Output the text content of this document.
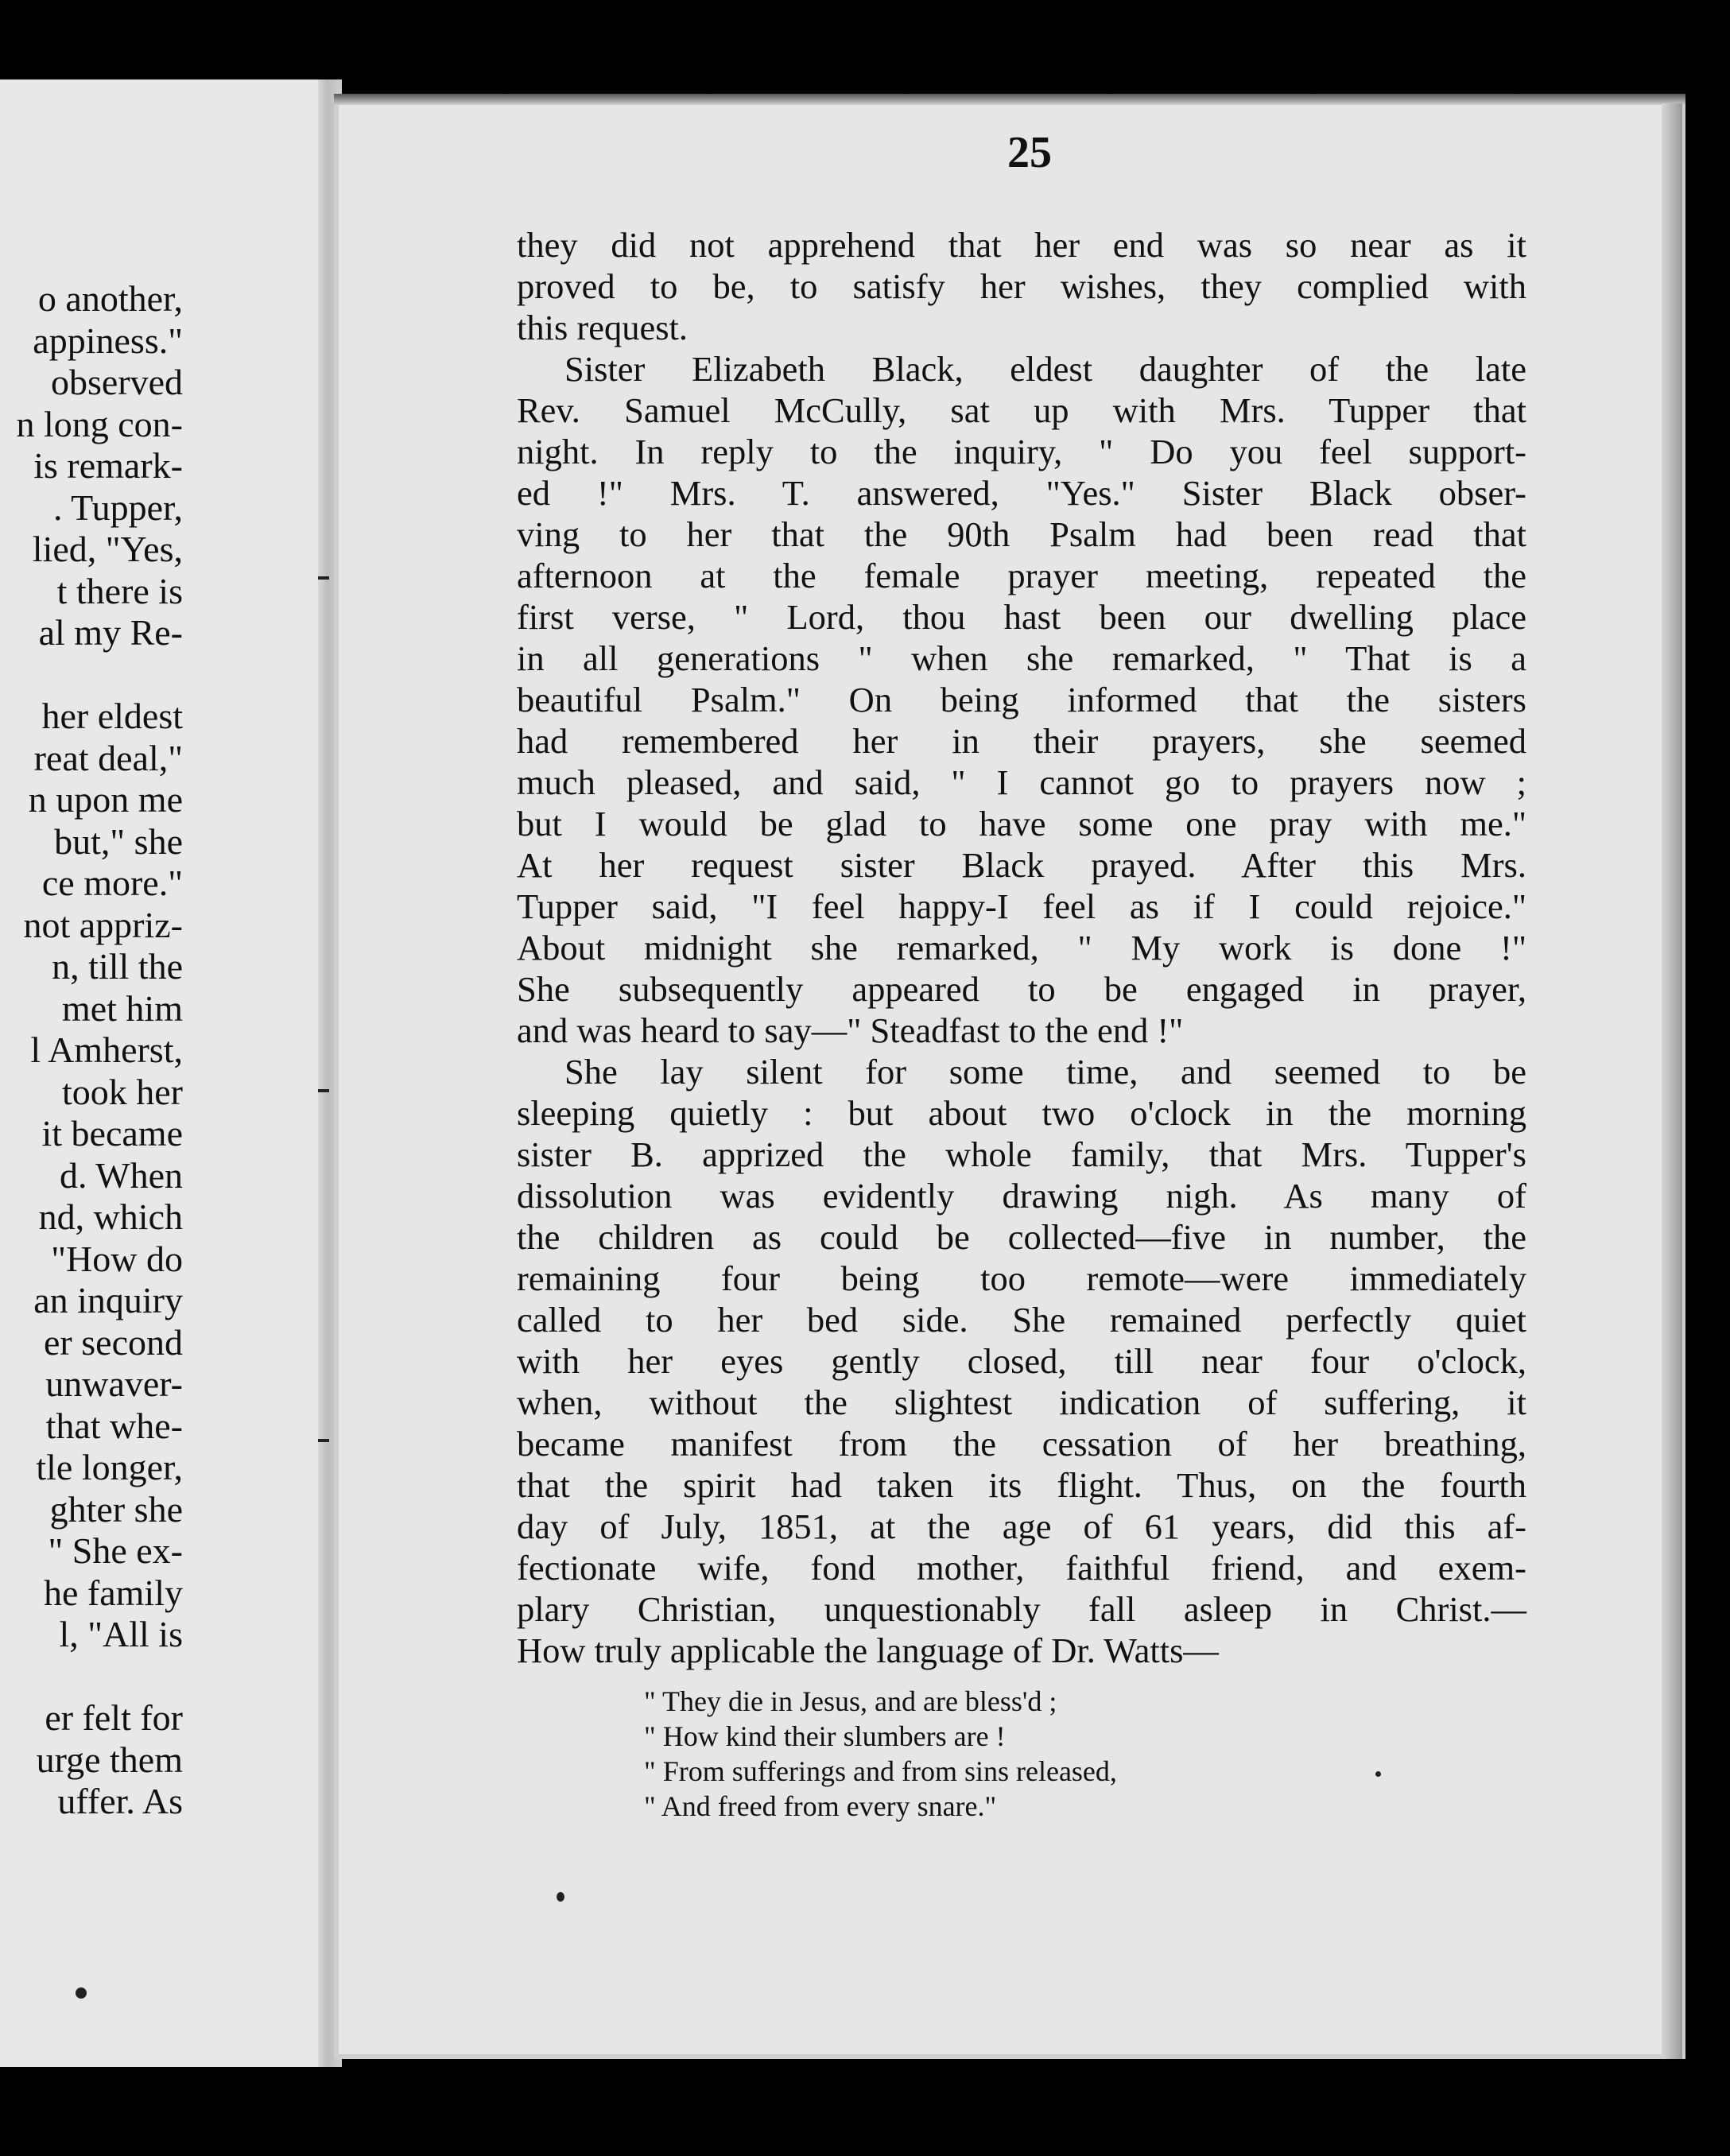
o another,
appiness."
observed
n long con-
is remark-
. Tupper,
lied, "Yes,
t there is
al my Re-
her eldest
reat deal,"
n upon me
but," she
ce more."
not appriz-
n, till the
met him
l Amherst,
took her
it became
d. When
nd, which
"How do
an inquiry
er second
unwaver-
that whe-
tle longer,
ghter she
" She ex-
he family
l, "All is
er felt for
urge them
uffer. As
25
they did not apprehend that her end was so near as it
proved to be, to satisfy her wishes, they complied with
this request.
Sister Elizabeth Black, eldest daughter of the late
Rev. Samuel McCully, sat up with Mrs. Tupper that
night. In reply to the inquiry, " Do you feel support-
ed !" Mrs. T. answered, "Yes." Sister Black obser-
ving to her that the 90th Psalm had been read that
afternoon at the female prayer meeting, repeated the
first verse, " Lord, thou hast been our dwelling place
in all generations " when she remarked, " That is a
beautiful Psalm." On being informed that the sisters
had remembered her in their prayers, she seemed
much pleased, and said, " I cannot go to prayers now ;
but I would be glad to have some one pray with me."
At her request sister Black prayed. After this Mrs.
Tupper said, "I feel happy-I feel as if I could rejoice."
About midnight she remarked, " My work is done !"
She subsequently appeared to be engaged in prayer,
and was heard to say—" Steadfast to the end !"
She lay silent for some time, and seemed to be
sleeping quietly : but about two o'clock in the morning
sister B. apprized the whole family, that Mrs. Tupper's
dissolution was evidently drawing nigh. As many of
the children as could be collected—five in number, the
remaining four being too remote—were immediately
called to her bed side. She remained perfectly quiet
with her eyes gently closed, till near four o'clock,
when, without the slightest indication of suffering, it
became manifest from the cessation of her breathing,
that the spirit had taken its flight. Thus, on the fourth
day of July, 1851, at the age of 61 years, did this af-
fectionate wife, fond mother, faithful friend, and exem-
plary Christian, unquestionably fall asleep in Christ.—
How truly applicable the language of Dr. Watts—
" They die in Jesus, and are bless'd ;
" How kind their slumbers are !
" From sufferings and from sins released,
" And freed from every snare."
